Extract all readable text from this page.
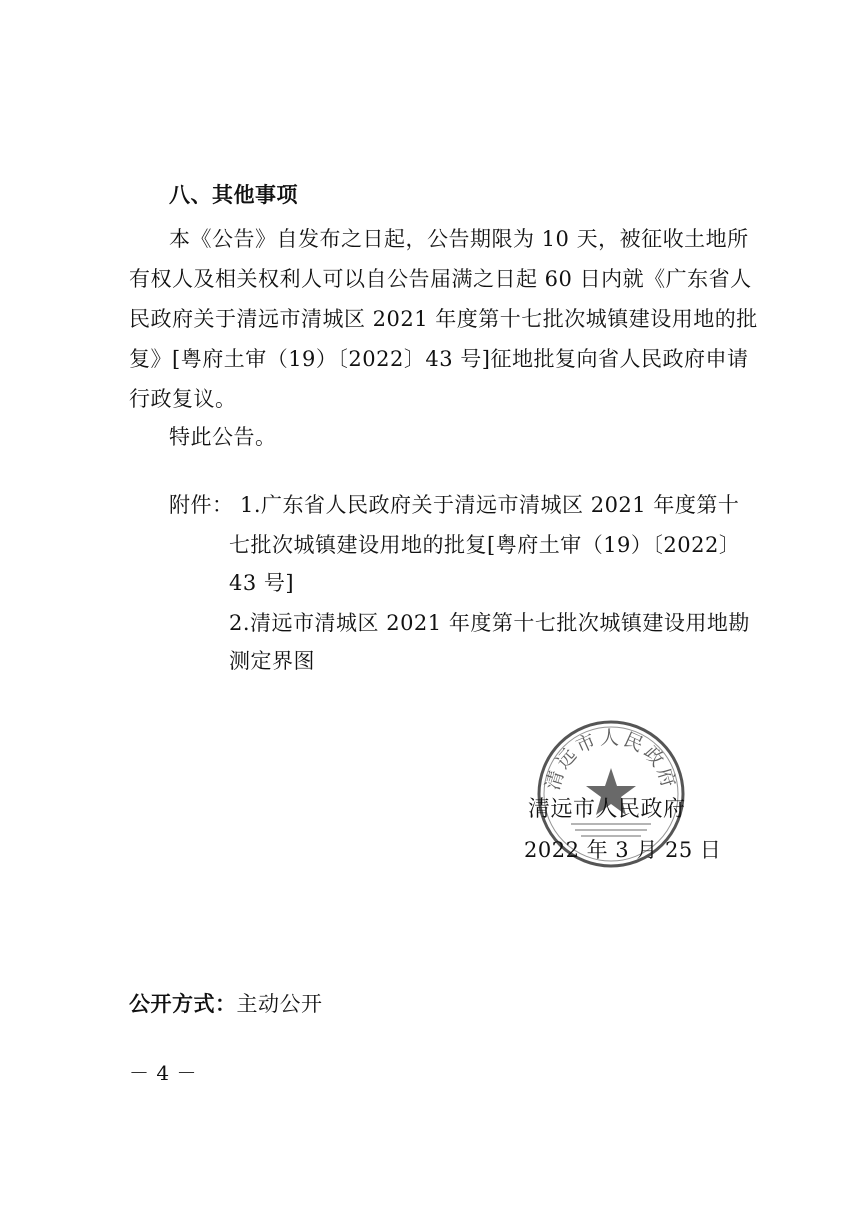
八、其他事项
本《公告》自发布之日起，公告期限为 10 天，被征收土地所
有权人及相关权利人可以自公告届满之日起 60 日内就《广东省人
民政府关于清远市清城区 2021 年度第十七批次城镇建设用地的批
复》[粤府土审（19）〔2022〕43 号]征地批复向省人民政府申请
行政复议。
特此公告。
附件： 1.广东省人民政府关于清远市清城区 2021 年度第十
七批次城镇建设用地的批复[粤府土审（19）〔2022〕
43 号]
2.清远市清城区 2021 年度第十七批次城镇建设用地勘
测定界图
清远市人民政府
清远市人民政府
2022 年 3 月 25 日
公开方式：主动公开
－ 4 －
